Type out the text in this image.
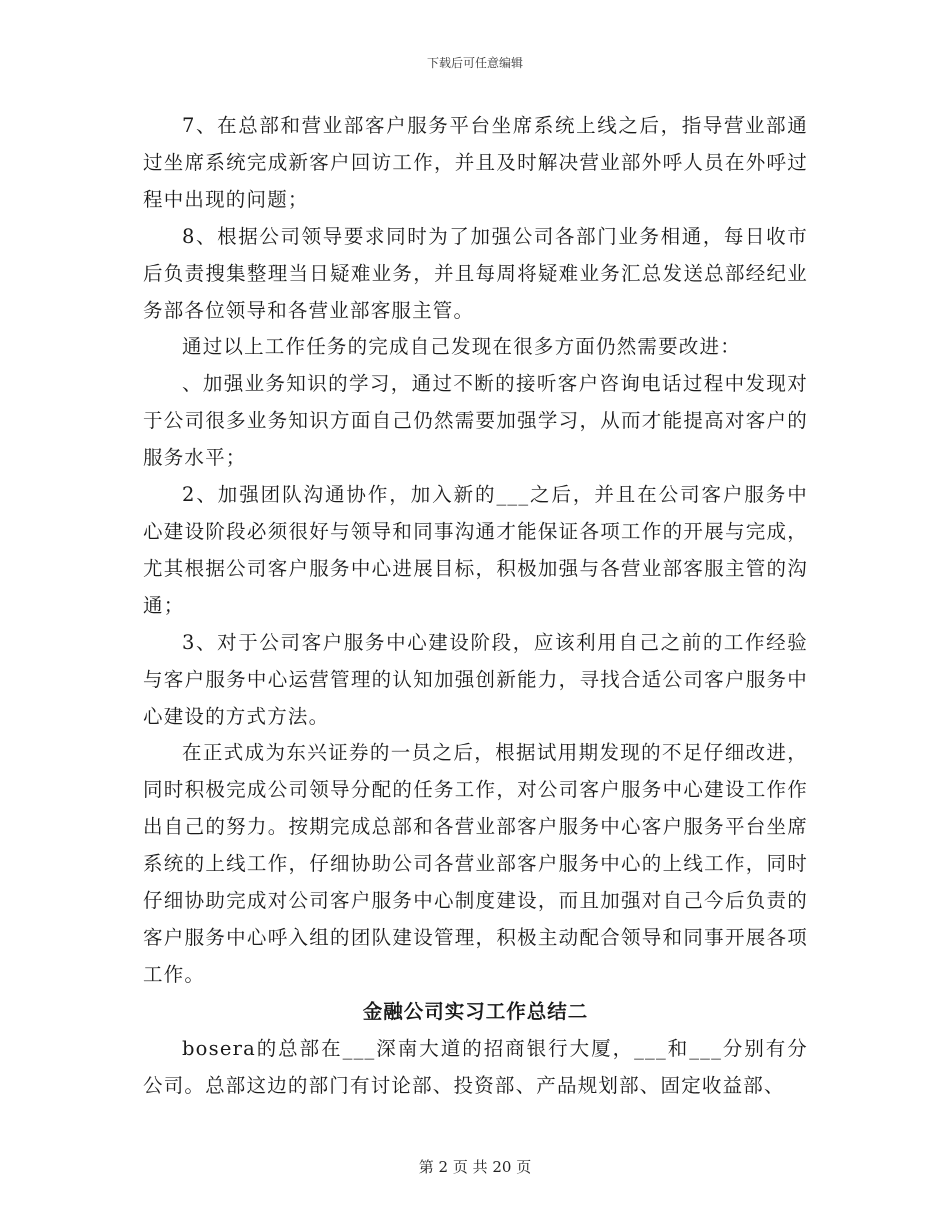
下载后可任意编辑

7、在总部和营业部客户服务平台坐席系统上线之后，指导营业部通过坐席系统完成新客户回访工作，并且及时解决营业部外呼人员在外呼过程中出现的问题；

8、根据公司领导要求同时为了加强公司各部门业务相通，每日收市后负责搜集整理当日疑难业务，并且每周将疑难业务汇总发送总部经纪业务部各位领导和各营业部客服主管。

通过以上工作任务的完成自己发现在很多方面仍然需要改进：

、加强业务知识的学习，通过不断的接听客户咨询电话过程中发现对于公司很多业务知识方面自己仍然需要加强学习，从而才能提高对客户的服务水平；

2、加强团队沟通协作，加入新的___之后，并且在公司客户服务中心建设阶段必须很好与领导和同事沟通才能保证各项工作的开展与完成，尤其根据公司客户服务中心进展目标，积极加强与各营业部客服主管的沟通；

3、对于公司客户服务中心建设阶段，应该利用自己之前的工作经验与客户服务中心运营管理的认知加强创新能力，寻找合适公司客户服务中心建设的方式方法。

在正式成为东兴证券的一员之后，根据试用期发现的不足仔细改进，同时积极完成公司领导分配的任务工作，对公司客户服务中心建设工作作出自己的努力。按期完成总部和各营业部客户服务中心客户服务平台坐席系统的上线工作，仔细协助公司各营业部客户服务中心的上线工作，同时仔细协助完成对公司客户服务中心制度建设，而且加强对自己今后负责的客户服务中心呼入组的团队建设管理，积极主动配合领导和同事开展各项工作。

金融公司实习工作总结二

bosera的总部在___深南大道的招商银行大厦，___和___分别有分公司。总部这边的部门有讨论部、投资部、产品规划部、固定收益部、

第 2 页 共 20 页
